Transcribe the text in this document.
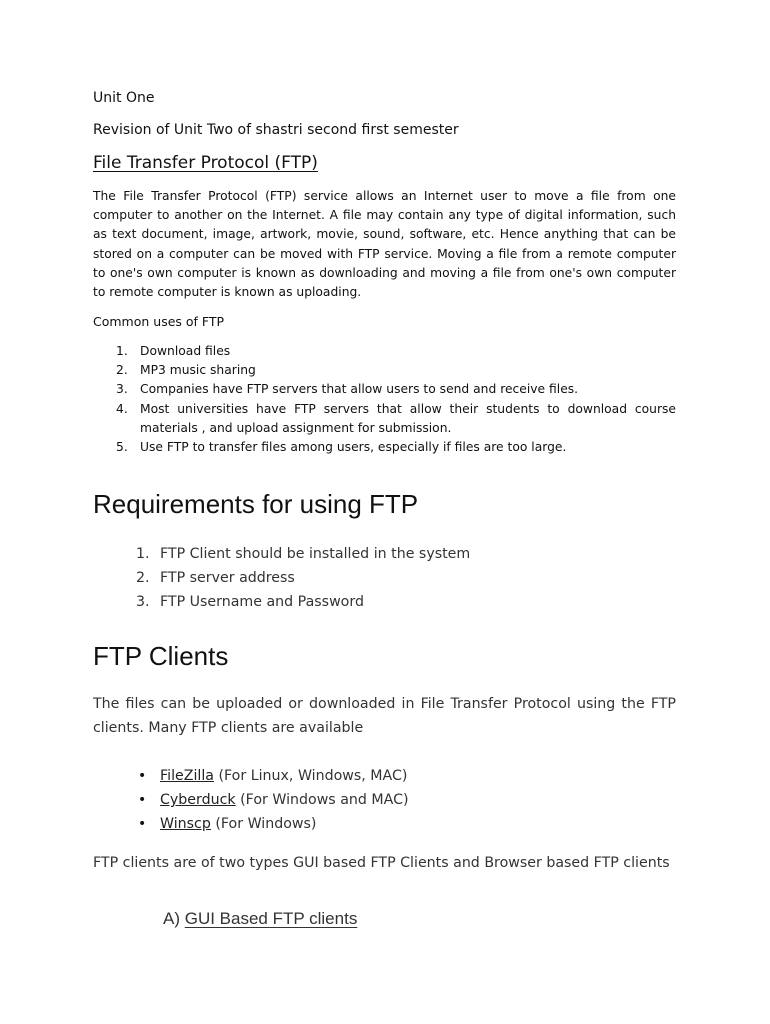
Unit One

Revision of Unit Two of shastri second first semester

File Transfer Protocol (FTP)

The File Transfer Protocol (FTP) service allows an Internet user to move a file from one computer to another on the Internet. A file may contain any type of digital information, such as text document, image, artwork, movie, sound, software, etc. Hence anything that can be stored on a computer can be moved with FTP service. Moving a file from a remote computer to one's own computer is known as downloading and moving a file from one's own computer to remote computer is known as uploading.

Common uses of FTP

1. Download files
2. MP3 music sharing
3. Companies have FTP servers that allow users to send and receive files.
4. Most universities have FTP servers that allow their students to download course materials , and upload assignment for submission.
5. Use FTP to transfer files among users, especially if files are too large.
Requirements for using FTP
1. FTP Client should be installed in the system
2. FTP server address
3. FTP Username and Password
FTP Clients

The files can be uploaded or downloaded in File Transfer Protocol using the FTP clients. Many FTP clients are available

• FileZilla (For Linux, Windows, MAC)
• Cyberduck (For Windows and MAC)
• Winscp (For Windows)

FTP clients are of two types GUI based FTP Clients and Browser based FTP clients

A) GUI Based FTP clients
